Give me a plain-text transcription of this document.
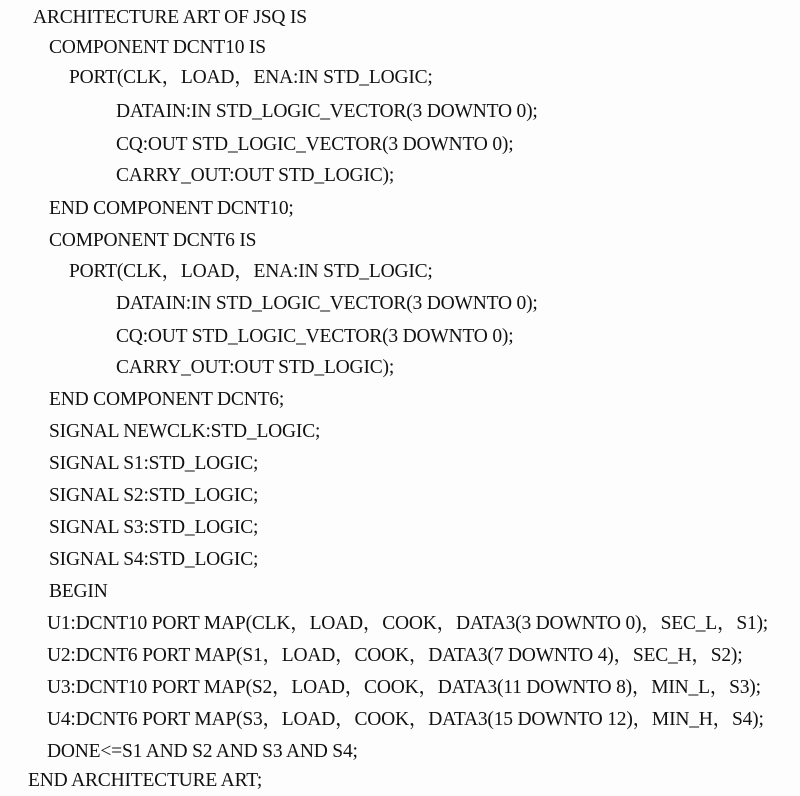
ARCHITECTURE ART OF JSQ IS
COMPONENT DCNT10 IS
PORT(CLK，LOAD，ENA:IN STD_LOGIC;
DATAIN:IN STD_LOGIC_VECTOR(3 DOWNTO 0);
CQ:OUT STD_LOGIC_VECTOR(3 DOWNTO 0);
CARRY_OUT:OUT STD_LOGIC);
END COMPONENT DCNT10;
COMPONENT DCNT6 IS
PORT(CLK，LOAD，ENA:IN STD_LOGIC;
DATAIN:IN STD_LOGIC_VECTOR(3 DOWNTO 0);
CQ:OUT STD_LOGIC_VECTOR(3 DOWNTO 0);
CARRY_OUT:OUT STD_LOGIC);
END COMPONENT DCNT6;
SIGNAL NEWCLK:STD_LOGIC;
SIGNAL S1:STD_LOGIC;
SIGNAL S2:STD_LOGIC;
SIGNAL S3:STD_LOGIC;
SIGNAL S4:STD_LOGIC;
BEGIN
U1:DCNT10 PORT MAP(CLK，LOAD，COOK，DATA3(3 DOWNTO 0)，SEC_L，S1);
U2:DCNT6 PORT MAP(S1，LOAD，COOK，DATA3(7 DOWNTO 4)，SEC_H，S2);
U3:DCNT10 PORT MAP(S2，LOAD，COOK，DATA3(11 DOWNTO 8)，MIN_L，S3);
U4:DCNT6 PORT MAP(S3，LOAD，COOK，DATA3(15 DOWNTO 12)，MIN_H，S4);
DONE<=S1 AND S2 AND S3 AND S4;
END ARCHITECTURE ART;
